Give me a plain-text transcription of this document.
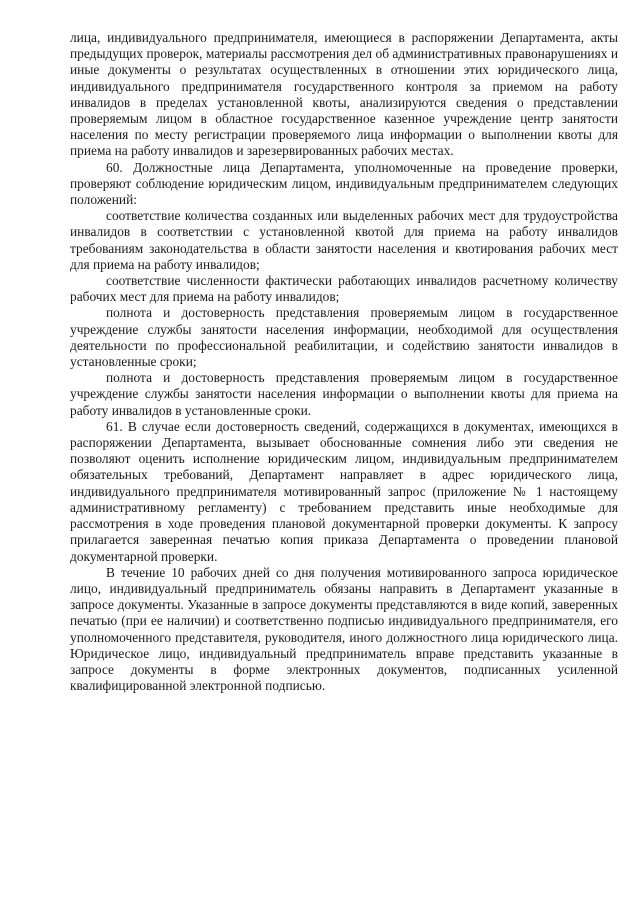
лица, индивидуального предпринимателя, имеющиеся в распоряжении Департамента, акты предыдущих проверок, материалы рассмотрения дел об административных правонарушениях и иные документы о результатах осуществленных в отношении этих юридического лица, индивидуального предпринимателя государственного контроля за приемом на работу инвалидов в пределах установленной квоты, анализируются сведения о представлении проверяемым лицом в областное государственное казенное учреждение центр занятости населения по месту регистрации проверяемого лица информации о выполнении квоты для приема на работу инвалидов и зарезервированных рабочих местах.

60. Должностные лица Департамента, уполномоченные на проведение проверки, проверяют соблюдение юридическим лицом, индивидуальным предпринимателем следующих положений:

соответствие количества созданных или выделенных рабочих мест для трудоустройства инвалидов в соответствии с установленной квотой для приема на работу инвалидов требованиям законодательства в области занятости населения и квотирования рабочих мест для приема на работу инвалидов;

соответствие численности фактически работающих инвалидов расчетному количеству рабочих мест для приема на работу инвалидов;

полнота и достоверность представления проверяемым лицом в государственное учреждение службы занятости населения информации, необходимой для осуществления деятельности по профессиональной реабилитации, и содействию занятости инвалидов в установленные сроки;

полнота и достоверность представления проверяемым лицом в государственное учреждение службы занятости населения информации о выполнении квоты для приема на работу инвалидов в установленные сроки.

61. В случае если достоверность сведений, содержащихся в документах, имеющихся в распоряжении Департамента, вызывает обоснованные сомнения либо эти сведения не позволяют оценить исполнение юридическим лицом, индивидуальным предпринимателем обязательных требований, Департамент направляет в адрес юридического лица, индивидуального предпринимателя мотивированный запрос (приложение № 1 настоящему административному регламенту) с требованием представить иные необходимые для рассмотрения в ходе проведения плановой документарной проверки документы. К запросу прилагается заверенная печатью копия приказа Департамента о проведении плановой документарной проверки.

В течение 10 рабочих дней со дня получения мотивированного запроса юридическое лицо, индивидуальный предприниматель обязаны направить в Департамент указанные в запросе документы. Указанные в запросе документы представляются в виде копий, заверенных печатью (при ее наличии) и соответственно подписью индивидуального предпринимателя, его уполномоченного представителя, руководителя, иного должностного лица юридического лица. Юридическое лицо, индивидуальный предприниматель вправе представить указанные в запросе документы в форме электронных документов, подписанных усиленной квалифицированной электронной подписью.
